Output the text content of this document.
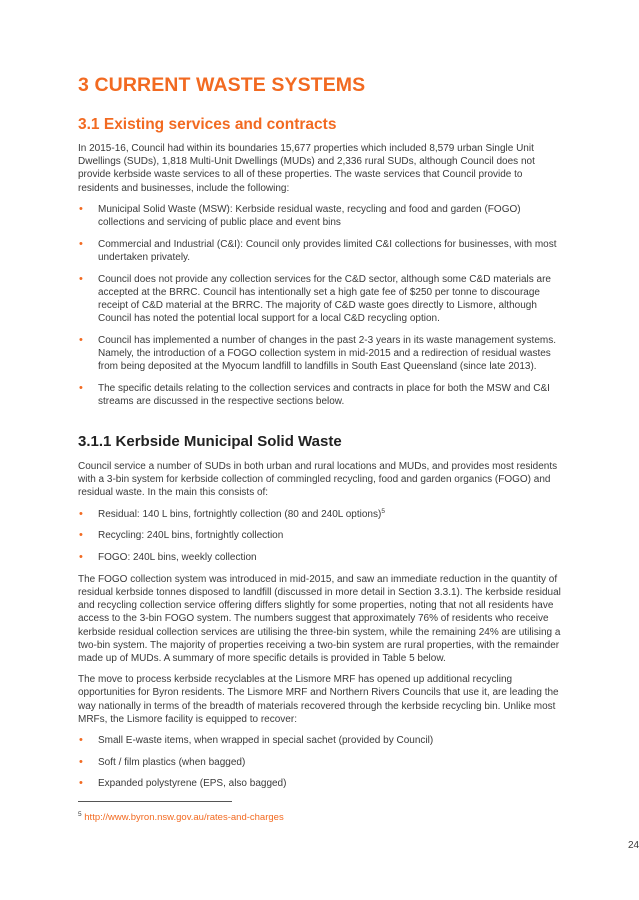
3 CURRENT WASTE SYSTEMS
3.1 Existing services and contracts

In 2015-16, Council had within its boundaries 15,677 properties which included 8,579 urban Single Unit Dwellings (SUDs), 1,818 Multi-Unit Dwellings (MUDs) and 2,336 rural SUDs, although Council does not provide kerbside waste services to all of these properties. The waste services that Council provide to residents and businesses, include the following:

• Municipal Solid Waste (MSW): Kerbside residual waste, recycling and food and garden (FOGO) collections and servicing of public place and event bins
• Commercial and Industrial (C&I): Council only provides limited C&I collections for businesses, with most undertaken privately.
• Council does not provide any collection services for the C&D sector, although some C&D materials are accepted at the BRRC. Council has intentionally set a high gate fee of $250 per tonne to discourage receipt of C&D material at the BRRC. The majority of C&D waste goes directly to Lismore, although Council has noted the potential local support for a local C&D recycling option.
• Council has implemented a number of changes in the past 2-3 years in its waste management systems. Namely, the introduction of a FOGO collection system in mid-2015 and a redirection of residual wastes from being deposited at the Myocum landfill to landfills in South East Queensland (since late 2013).
• The specific details relating to the collection services and contracts in place for both the MSW and C&I streams are discussed in the respective sections below.
3.1.1 Kerbside Municipal Solid Waste

Council service a number of SUDs in both urban and rural locations and MUDs, and provides most residents with a 3-bin system for kerbside collection of commingled recycling, food and garden organics (FOGO) and residual waste. In the main this consists of:

• Residual: 140 L bins, fortnightly collection (80 and 240L options)$^5$
• Recycling: 240L bins, fortnightly collection
• FOGO: 240L bins, weekly collection

The FOGO collection system was introduced in mid-2015, and saw an immediate reduction in the quantity of residual kerbside tonnes disposed to landfill (discussed in more detail in Section 3.3.1). The kerbside residual and recycling collection service offering differs slightly for some properties, noting that not all residents have access to the 3-bin FOGO system. The numbers suggest that approximately 76% of residents who receive kerbside residual collection services are utilising the three-bin system, while the remaining 24% are utilising a two-bin system. The majority of properties receiving a two-bin system are rural properties, with the remainder made up of MUDs. A summary of more specific details is provided in Table 5 below.

The move to process kerbside recyclables at the Lismore MRF has opened up additional recycling opportunities for Byron residents. The Lismore MRF and Northern Rivers Councils that use it, are leading the way nationally in terms of the breadth of materials recovered through the kerbside recycling bin. Unlike most MRFs, the Lismore facility is equipped to recover:

• Small E-waste items, when wrapped in special sachet (provided by Council)
• Soft / film plastics (when bagged)
• Expanded polystyrene (EPS, also bagged)
$^5$ http://www.byron.nsw.gov.au/rates-and-charges
24
